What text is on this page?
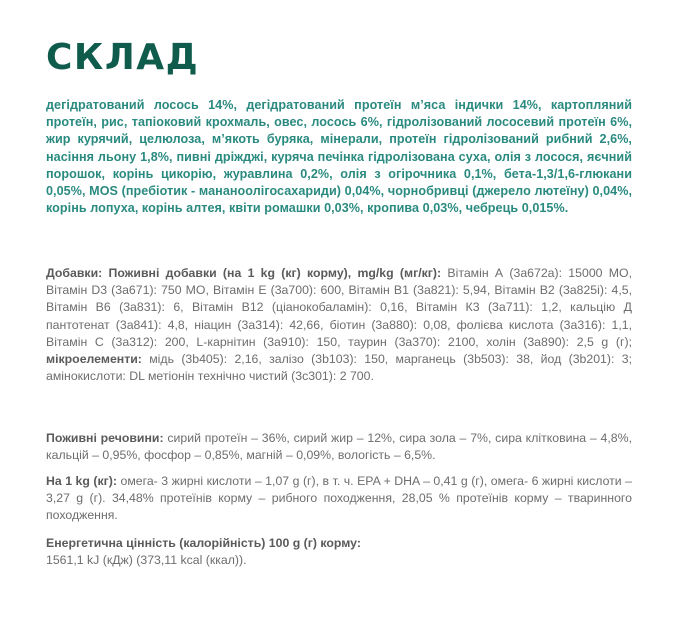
СКЛАД

дегідратований лосось 14%, дегідратований протеїн м’яса індички 14%, картопляний протеїн, рис, тапіоковий крохмаль, овес, лосось 6%, гідролізований лососевий протеїн 6%, жир курячий, целюлоза, м’якоть буряка, мінерали, протеїн гідролізований рибний 2,6%, насіння льону 1,8%, пивні дріжджі, куряча печінка гідролізована суха, олія з лосося, яєчний порошок, корінь цикорію, журавлина 0,2%, олія з огірочника 0,1%, бета-1,3/1,6-глюкани 0,05%, MOS (пребіотик - мананоолігосахариди) 0,04%, чорнобривці (джерело лютеїну) 0,04%, корінь лопуха, корінь алтея, квіти ромашки 0,03%, кропива 0,03%, чебрець 0,015%.

Добавки: Поживні добавки (на 1 kg (кг) корму), mg/kg (мг/кг): Вітамін А (3а672а): 15000 МО, Вітамін D3 (3а671): 750 МО, Вітамін Е (3а700): 600, Вітамін В1 (3а821): 5,94, Вітамін В2 (3а825і): 4,5, Вітамін В6 (3а831): 6, Вітамін В12 (ціанокобаламін): 0,16, Вітамін К3 (3а711): 1,2, кальцію Д пантотенат (3а841): 4,8, ніацин (3а314): 42,66, біотин (3а880): 0,08, фолієва кислота (3а316): 1,1, Вітамін С (3а312): 200, L-карнітин (3а910): 150, таурин (3а370): 2100, холін (3а890): 2,5 g (г); мікроелементи: мідь (3b405): 2,16, залізо (3b103): 150, марганець (3b503): 38, йод (3b201): 3; амінокислоти: DL метіонін технічно чистий (3c301): 2 700.

Поживні речовини: сирий протеїн – 36%, сирий жир – 12%, сира зола – 7%, сира клітковина – 4,8%, кальцій – 0,95%, фосфор – 0,85%, магній – 0,09%, вологість – 6,5%.

На 1 kg (кг): омега- 3 жирні кислоти – 1,07 g (г), в т. ч. EPA + DHA – 0,41 g (г), омега- 6 жирні кислоти – 3,27 g (г). 34,48% протеїнів корму – рибного походження, 28,05 % протеїнів корму – тваринного походження.

Енергетична цінність (калорійність) 100 g (г) корму:
1561,1 kJ (кДж) (373,11 kcal (ккал)).
